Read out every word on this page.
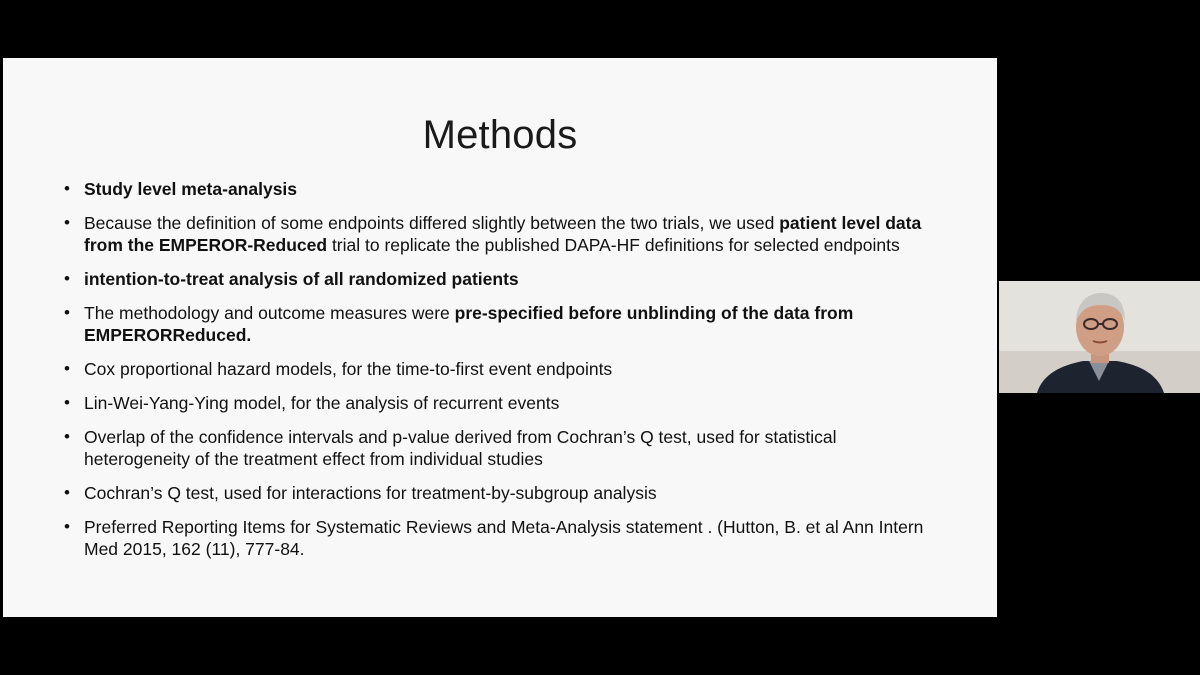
Methods
• Study level meta-analysis
• Because the definition of some endpoints differed slightly between the two trials, we used patient level data from the EMPEROR-Reduced trial to replicate the published DAPA-HF definitions for selected endpoints
• intention-to-treat analysis of all randomized patients
• The methodology and outcome measures were pre-specified before unblinding of the data from EMPERORReduced.
• Cox proportional hazard models, for the time-to-first event endpoints
• Lin-Wei-Yang-Ying model, for the analysis of recurrent events
• Overlap of the confidence intervals and p-value derived from Cochran’s Q test, used for statistical heterogeneity of the treatment effect from individual studies
• Cochran’s Q test, used for interactions for treatment-by-subgroup analysis
• Preferred Reporting Items for Systematic Reviews and Meta-Analysis statement . (Hutton, B. et al Ann Intern Med 2015, 162 (11), 777-84.
